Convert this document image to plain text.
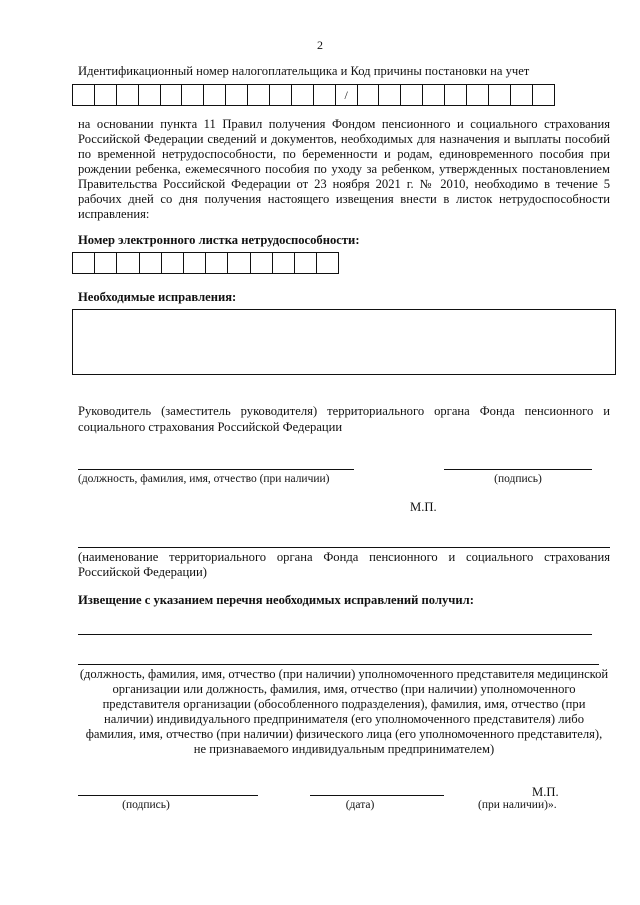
2
Идентификационный номер налогоплательщика и Код причины постановки на учет
/
на основании пункта 11 Правил получения Фондом пенсионного и социального страхования Российской Федерации сведений и документов, необходимых для назначения и выплаты пособий по временной нетрудоспособности, по беременности и родам, единовременного пособия при рождении ребенка, ежемесячного пособия по уходу за ребенком, утвержденных постановлением Правительства Российской Федерации от 23 ноября 2021 г. № 2010, необходимо в течение 5 рабочих дней со дня получения настоящего извещения внести в листок нетрудоспособности исправления:
Номер электронного листка нетрудоспособности:
Необходимые исправления:
Руководитель (заместитель руководителя) территориального органа Фонда пенсионного и социального страхования Российской Федерации
(должность, фамилия, имя, отчество (при наличии)	(подпись)
М.П.
(наименование территориального органа Фонда пенсионного и социального страхования Российской Федерации)
Извещение с указанием перечня необходимых исправлений получил:
(должность, фамилия, имя, отчество (при наличии) уполномоченного представителя медицинской организации или должность, фамилия, имя, отчество (при наличии) уполномоченного представителя организации (обособленного подразделения), фамилия, имя, отчество (при наличии) индивидуального предпринимателя (его уполномоченного представителя) либо фамилия, имя, отчество (при наличии) физического лица (его уполномоченного представителя), не признаваемого индивидуальным предпринимателем)
М.П.
(подпись)	(дата)	(при наличии)».
